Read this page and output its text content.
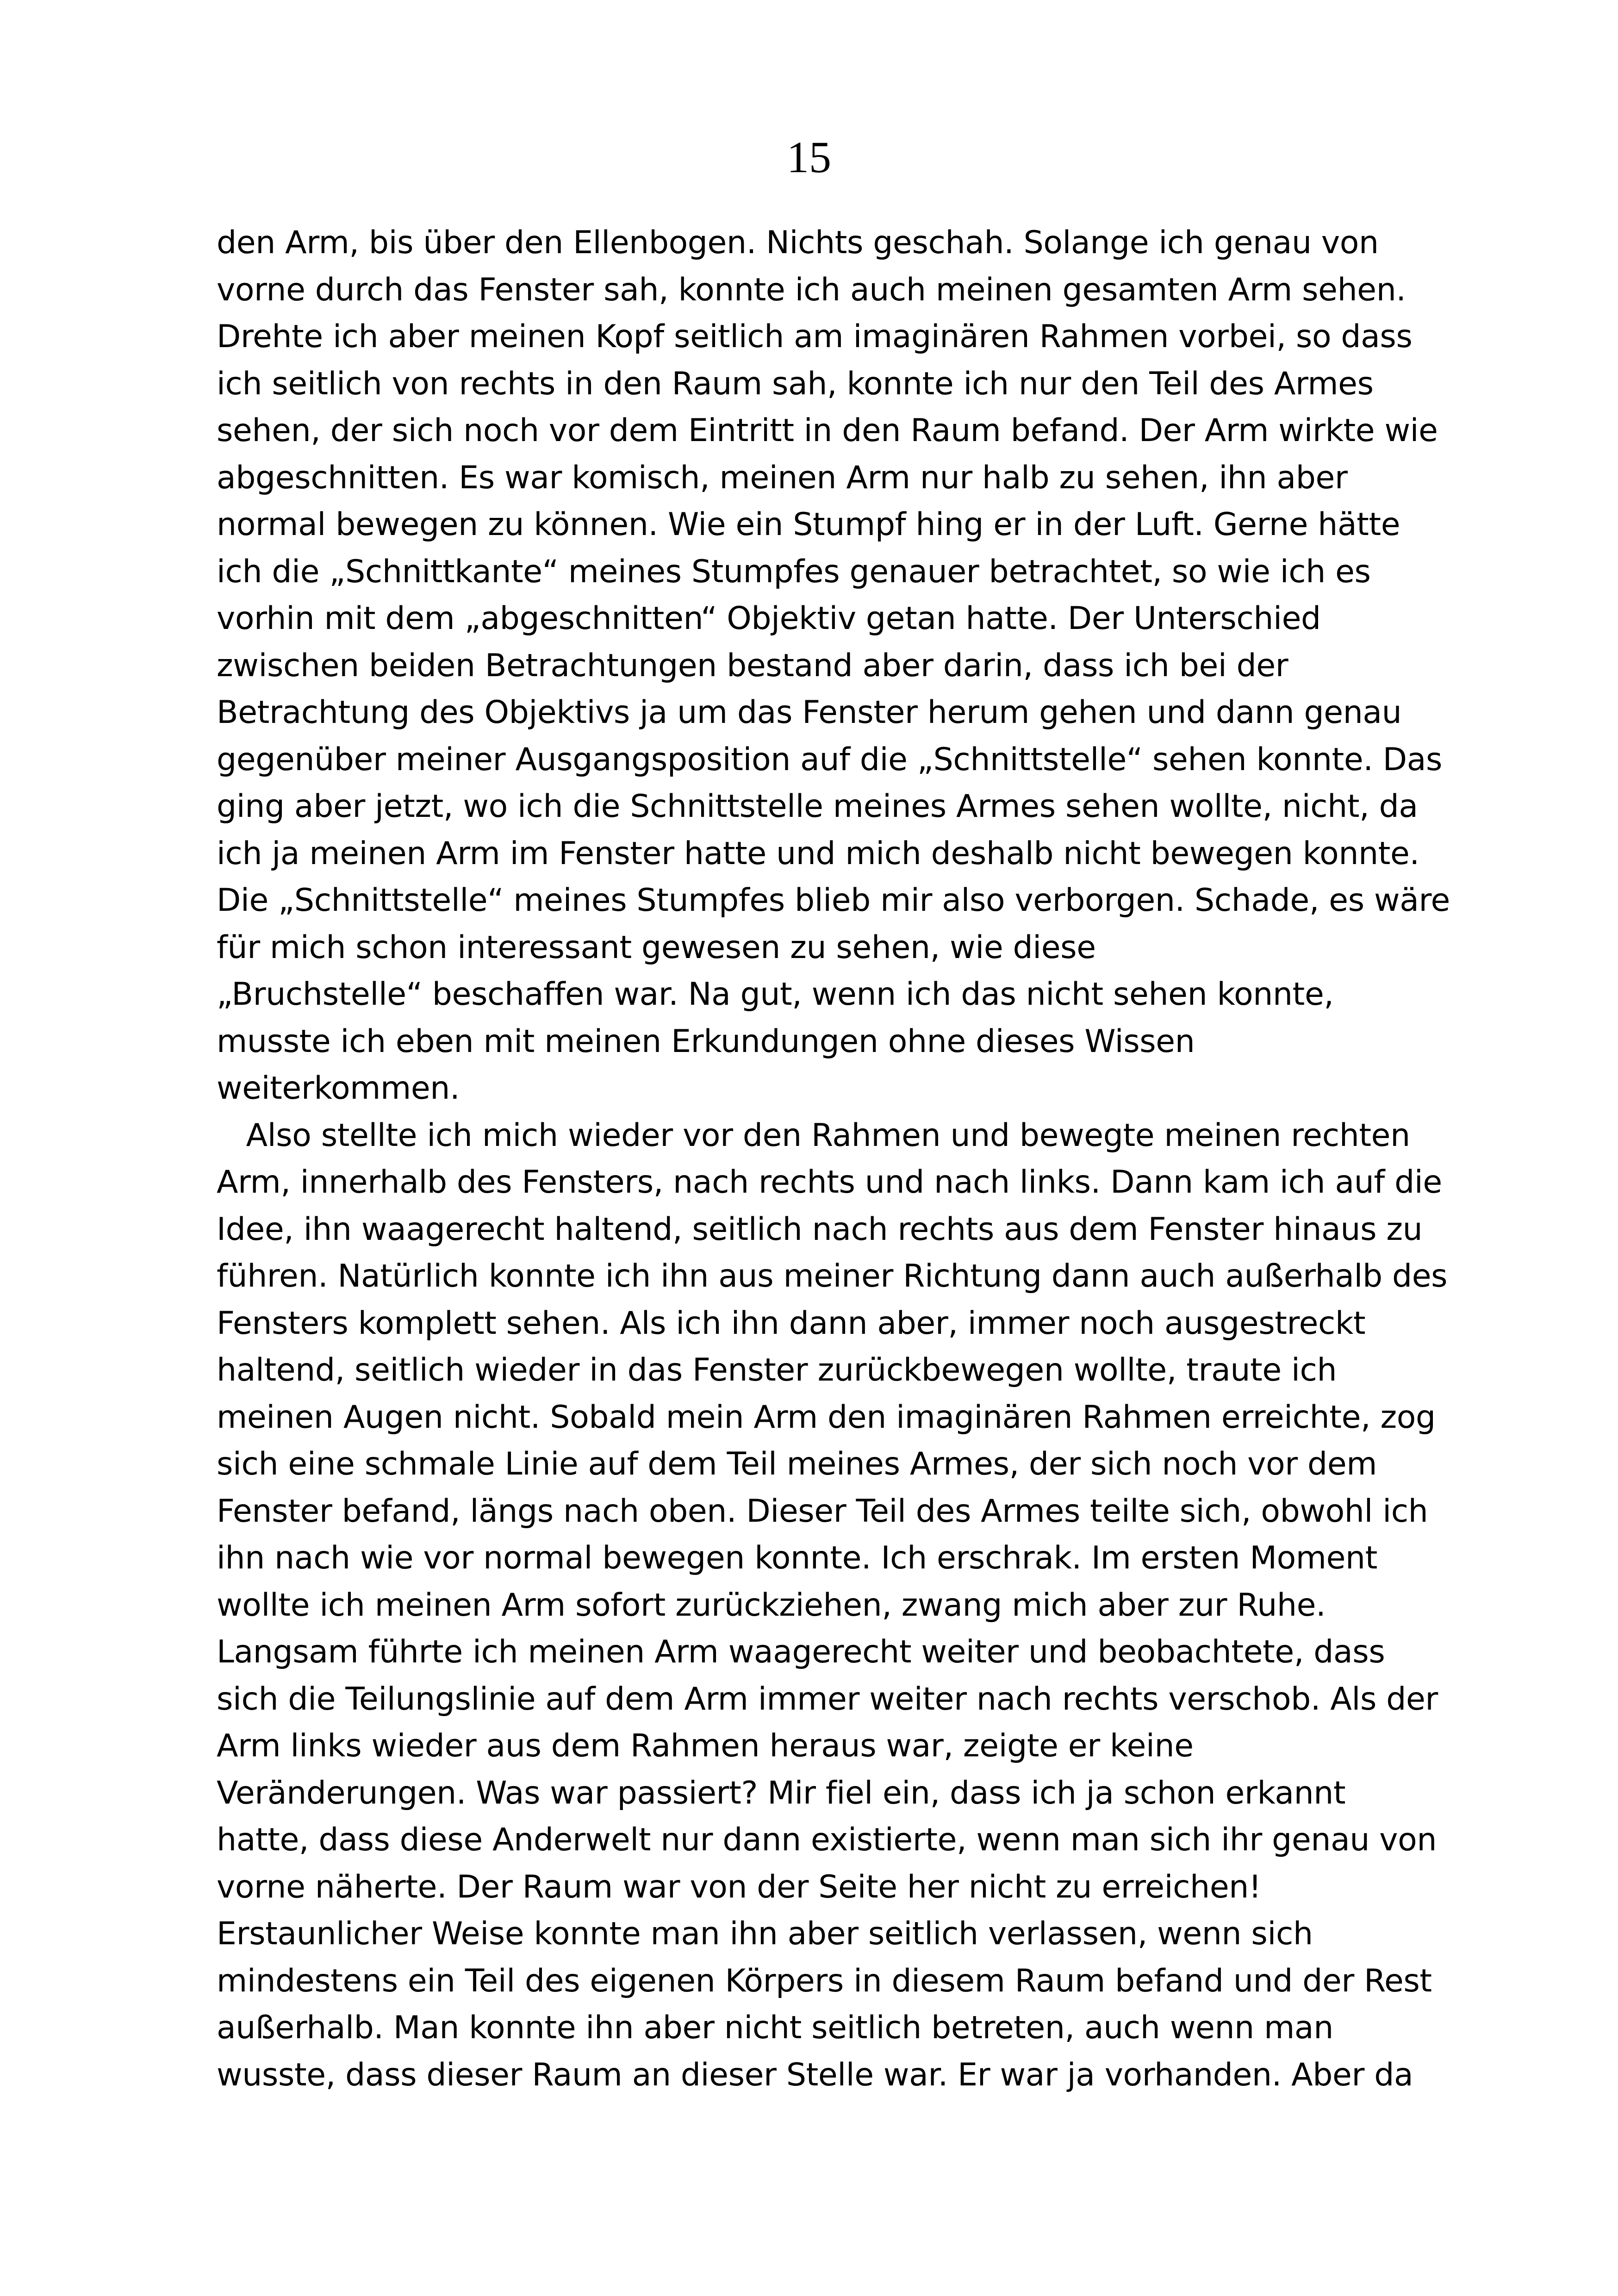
15
den Arm, bis über den Ellenbogen. Nichts geschah. Solange ich genau von
vorne durch das Fenster sah, konnte ich auch meinen gesamten Arm sehen.
Drehte ich aber meinen Kopf seitlich am imaginären Rahmen vorbei, so dass
ich seitlich von rechts in den Raum sah, konnte ich nur den Teil des Armes
sehen, der sich noch vor dem Eintritt in den Raum befand. Der Arm wirkte wie
abgeschnitten. Es war komisch, meinen Arm nur halb zu sehen, ihn aber
normal bewegen zu können. Wie ein Stumpf hing er in der Luft. Gerne hätte
ich die „Schnittkante“ meines Stumpfes genauer betrachtet, so wie ich es
vorhin mit dem „abgeschnitten“ Objektiv getan hatte. Der Unterschied
zwischen beiden Betrachtungen bestand aber darin, dass ich bei der
Betrachtung des Objektivs ja um das Fenster herum gehen und dann genau
gegenüber meiner Ausgangsposition auf die „Schnittstelle“ sehen konnte. Das
ging aber jetzt, wo ich die Schnittstelle meines Armes sehen wollte, nicht, da
ich ja meinen Arm im Fenster hatte und mich deshalb nicht bewegen konnte.
Die „Schnittstelle“ meines Stumpfes blieb mir also verborgen. Schade, es wäre
für mich schon interessant gewesen zu sehen, wie diese
„Bruchstelle“ beschaffen war. Na gut, wenn ich das nicht sehen konnte,
musste ich eben mit meinen Erkundungen ohne dieses Wissen
weiterkommen.
Also stellte ich mich wieder vor den Rahmen und bewegte meinen rechten
Arm, innerhalb des Fensters, nach rechts und nach links. Dann kam ich auf die
Idee, ihn waagerecht haltend, seitlich nach rechts aus dem Fenster hinaus zu
führen. Natürlich konnte ich ihn aus meiner Richtung dann auch außerhalb des
Fensters komplett sehen. Als ich ihn dann aber, immer noch ausgestreckt
haltend, seitlich wieder in das Fenster zurückbewegen wollte, traute ich
meinen Augen nicht. Sobald mein Arm den imaginären Rahmen erreichte, zog
sich eine schmale Linie auf dem Teil meines Armes, der sich noch vor dem
Fenster befand, längs nach oben. Dieser Teil des Armes teilte sich, obwohl ich
ihn nach wie vor normal bewegen konnte. Ich erschrak. Im ersten Moment
wollte ich meinen Arm sofort zurückziehen, zwang mich aber zur Ruhe.
Langsam führte ich meinen Arm waagerecht weiter und beobachtete, dass
sich die Teilungslinie auf dem Arm immer weiter nach rechts verschob. Als der
Arm links wieder aus dem Rahmen heraus war, zeigte er keine
Veränderungen. Was war passiert? Mir fiel ein, dass ich ja schon erkannt
hatte, dass diese Anderwelt nur dann existierte, wenn man sich ihr genau von
vorne näherte. Der Raum war von der Seite her nicht zu erreichen!
Erstaunlicher Weise konnte man ihn aber seitlich verlassen, wenn sich
mindestens ein Teil des eigenen Körpers in diesem Raum befand und der Rest
außerhalb. Man konnte ihn aber nicht seitlich betreten, auch wenn man
wusste, dass dieser Raum an dieser Stelle war. Er war ja vorhanden. Aber da
